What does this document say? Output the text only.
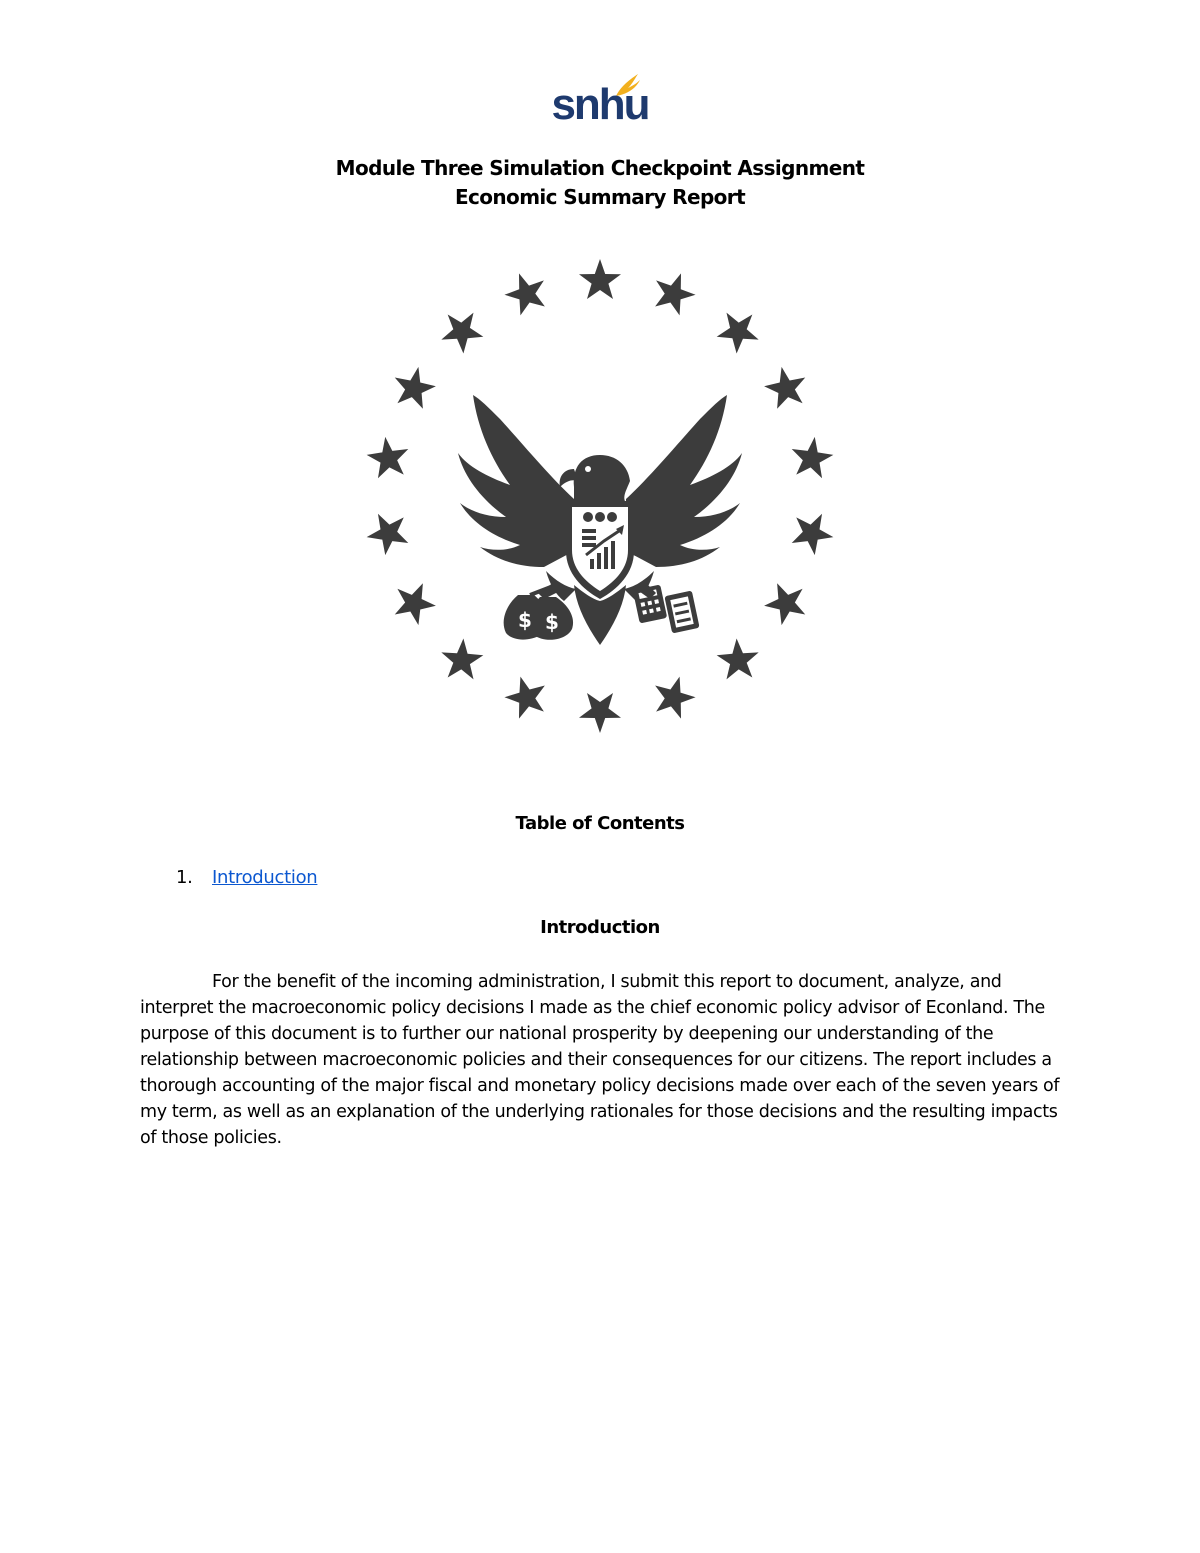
snhu
Module Three Simulation Checkpoint Assignment
Economic Summary Report
$ $
Table of Contents
1. Introduction
Introduction

For the benefit of the incoming administration, I submit this report to document, analyze, and interpret the macroeconomic policy decisions I made as the chief economic policy advisor of Econland. The purpose of this document is to further our national prosperity by deepening our understanding of the relationship between macroeconomic policies and their consequences for our citizens. The report includes a thorough accounting of the major fiscal and monetary policy decisions made over each of the seven years of my term, as well as an explanation of the underlying rationales for those decisions and the resulting impacts of those policies.
